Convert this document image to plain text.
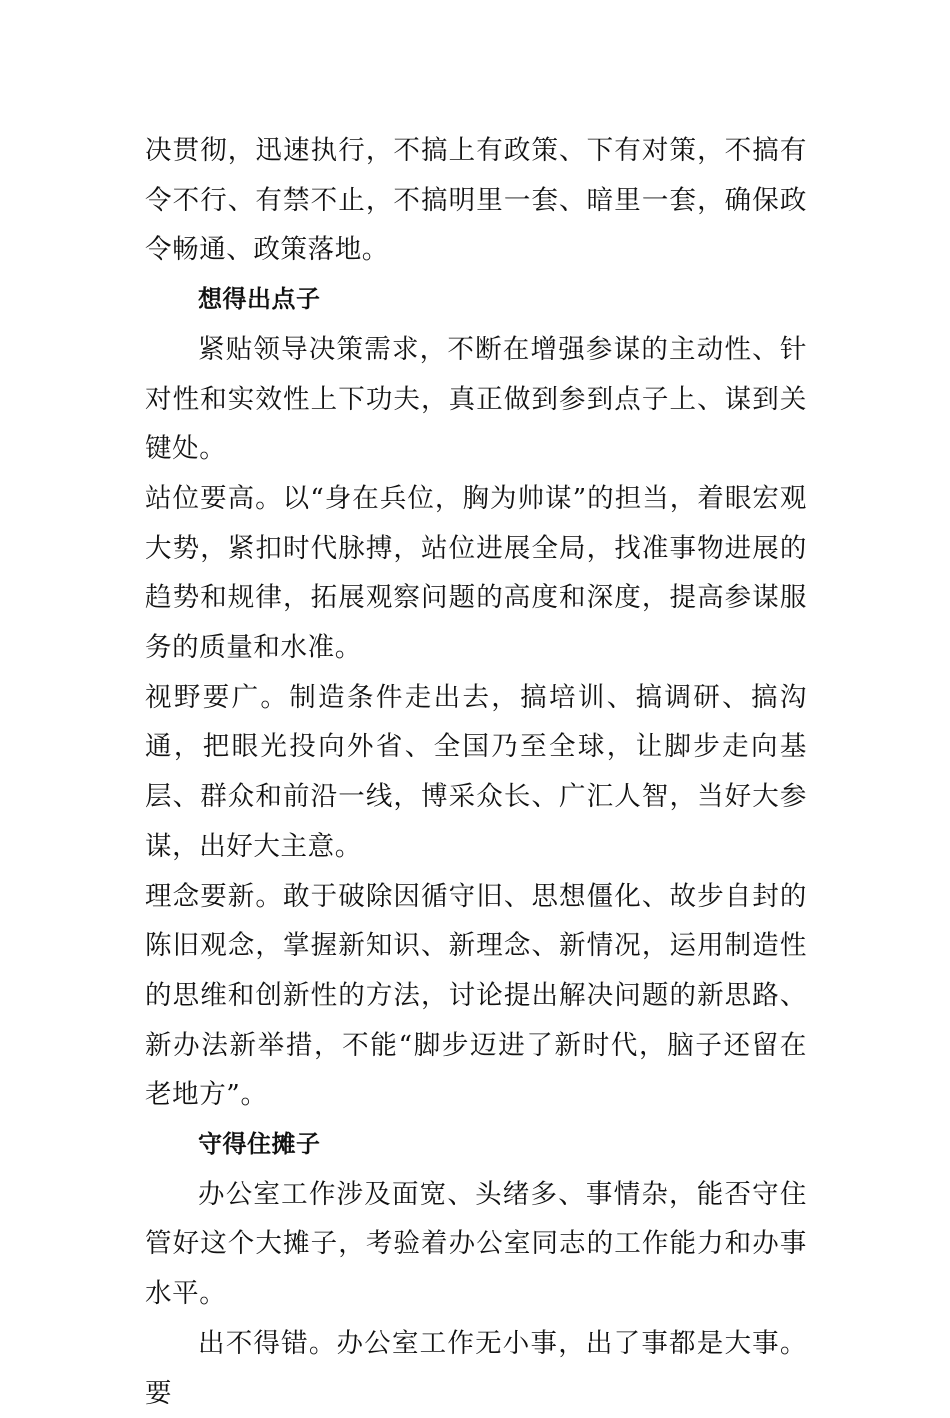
决贯彻，迅速执行，不搞上有政策、下有对策，不搞有令不行、有禁不止，不搞明里一套、暗里一套，确保政令畅通、政策落地。

想得出点子

紧贴领导决策需求，不断在增强参谋的主动性、针对性和实效性上下功夫，真正做到参到点子上、谋到关键处。

站位要高。以“身在兵位，胸为帅谋”的担当，着眼宏观大势，紧扣时代脉搏，站位进展全局，找准事物进展的趋势和规律，拓展观察问题的高度和深度，提高参谋服务的质量和水准。

视野要广。制造条件走出去，搞培训、搞调研、搞沟通，把眼光投向外省、全国乃至全球，让脚步走向基层、群众和前沿一线，博采众长、广汇人智，当好大参谋，出好大主意。

理念要新。敢于破除因循守旧、思想僵化、故步自封的陈旧观念，掌握新知识、新理念、新情况，运用制造性的思维和创新性的方法，讨论提出解决问题的新思路、新办法新举措，不能“脚步迈进了新时代，脑子还留在老地方”。

守得住摊子

办公室工作涉及面宽、头绪多、事情杂，能否守住管好这个大摊子，考验着办公室同志的工作能力和办事水平。

出不得错。办公室工作无小事，出了事都是大事。要
